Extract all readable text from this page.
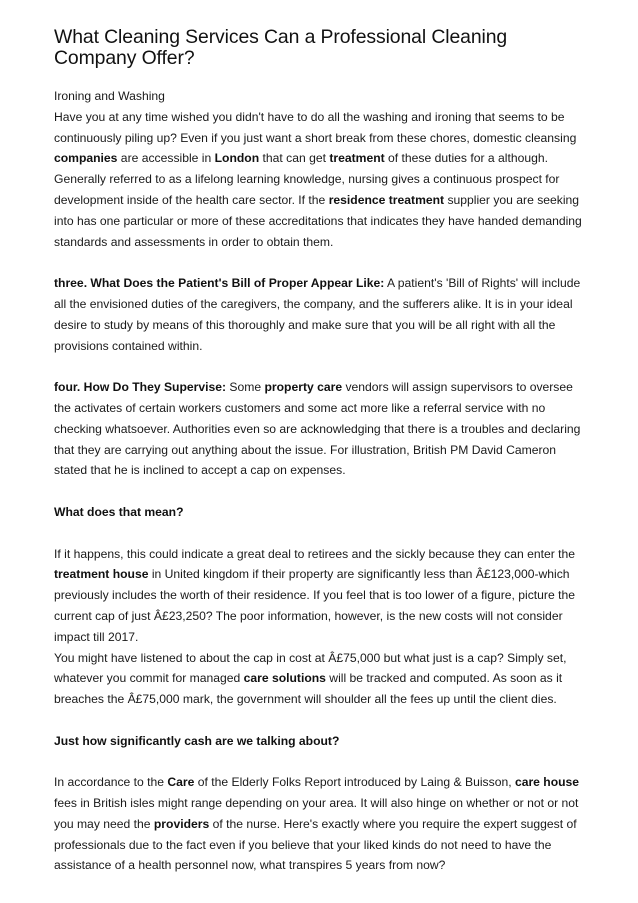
What Cleaning Services Can a Professional Cleaning Company Offer?

Ironing and Washing

Have you at any time wished you didn't have to do all the washing and ironing that seems to be continuously piling up? Even if you just want a short break from these chores, domestic cleansing companies are accessible in London that can get treatment of these duties for a although. Generally referred to as a lifelong learning knowledge, nursing gives a continuous prospect for development inside of the health care sector. If the residence treatment supplier you are seeking into has one particular or more of these accreditations that indicates they have handed demanding standards and assessments in order to obtain them.

three. What Does the Patient's Bill of Proper Appear Like: A patient's 'Bill of Rights' will include all the envisioned duties of the caregivers, the company, and the sufferers alike. It is in your ideal desire to study by means of this thoroughly and make sure that you will be all right with all the provisions contained within.

four. How Do They Supervise: Some property care vendors will assign supervisors to oversee the activates of certain workers customers and some act more like a referral service with no checking whatsoever. Authorities even so are acknowledging that there is a troubles and declaring that they are carrying out anything about the issue. For illustration, British PM David Cameron stated that he is inclined to accept a cap on expenses.

What does that mean?

If it happens, this could indicate a great deal to retirees and the sickly because they can enter the treatment house in United kingdom if their property are significantly less than Â£123,000-which previously includes the worth of their residence. If you feel that is too lower of a figure, picture the current cap of just Â£23,250? The poor information, however, is the new costs will not consider impact till 2017.

You might have listened to about the cap in cost at Â£75,000 but what just is a cap? Simply set, whatever you commit for managed care solutions will be tracked and computed. As soon as it breaches the Â£75,000 mark, the government will shoulder all the fees up until the client dies.

Just how significantly cash are we talking about?

In accordance to the Care of the Elderly Folks Report introduced by Laing & Buisson, care house fees in British isles might range depending on your area. It will also hinge on whether or not or not you may need the providers of the nurse. Here's exactly where you require the expert suggest of professionals due to the fact even if you believe that your liked kinds do not need to have the assistance of a health personnel now, what transpires 5 years from now?
